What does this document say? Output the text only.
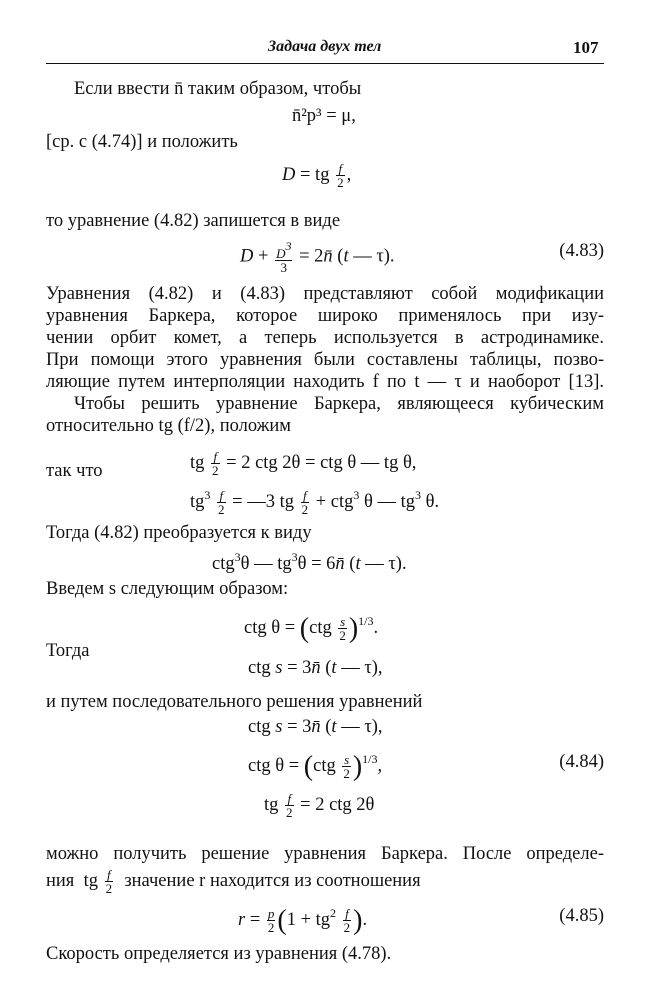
Задача двух тел	107
Если ввести n̄ таким образом, чтобы
n̄²p³ = μ,
[ср. с (4.74)] и положить
D = tg $\frac{f}{2}$ ,
то уравнение (4.82) запишется в виде
$D + \frac{D3}{3}$ = 2n̄ (t — τ).	(4.83)
Уравнения (4.82) и (4.83) представляют собой модификации
уравнения Баркера, которое широко применялось при изу-
чении орбит комет, а теперь используется в астродинамике.
При помощи этого уравнения были составлены таблицы, позво-
ляющие путем интерполяции находить f по t — τ и наоборот [13].
Чтобы решить уравнение Баркера, являющееся кубическим
относительно tg (f/2), положим
tg $\frac{f}{2} = 2$ ctg 2θ = ctg θ — tg θ,
так что
$tg^3 \frac{f}{2}$ = —3 tg $\frac{f}{2} + ctg^3$ θ — $tg^3$ θ.
Тогда (4.82) преобразуется к виду
ctg$^3$θ — $tg^3\theta$ = 6n̄ (t — τ).
Введем s следующим образом:
ctg $\theta = (ctg \frac{s}{2} )^{1/3}$.
Тогда
ctg s = 3n̄ (t — τ),
и путем последовательного решения уравнений
ctg s = 3n̄ (t — τ),
ctg $\theta = (ctg \frac{s}{2} )^{1/3}$,	(4.84)
tg $\frac{f}{2} = 2$ ctg 2θ
можно получить решение уравнения Баркера. После определе-
ния  tg $\frac{f}{2}$ значение r находится из соотношения
$r = \frac{p}{2} (1 + tg^2 \frac{f}{2}$ ).	(4.85)
Скорость определяется из уравнения (4.78).
